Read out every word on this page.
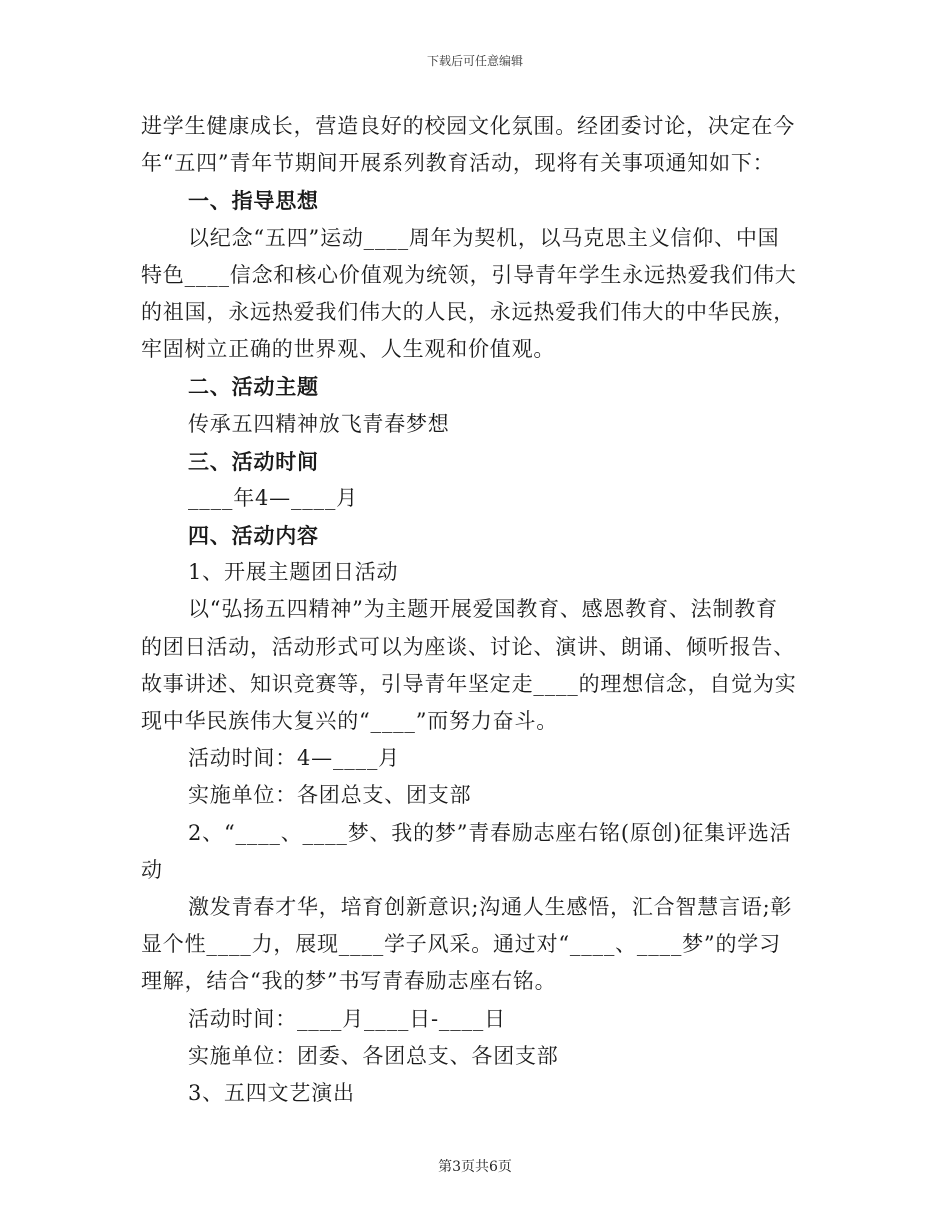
下载后可任意编辑
进学生健康成长，营造良好的校园文化氛围。经团委讨论，决定在今
年“五四”青年节期间开展系列教育活动，现将有关事项通知如下：
一、指导思想
以纪念“五四”运动____周年为契机，以马克思主义信仰、中国
特色____信念和核心价值观为统领，引导青年学生永远热爱我们伟大
的祖国，永远热爱我们伟大的人民，永远热爱我们伟大的中华民族，
牢固树立正确的世界观、人生观和价值观。
二、活动主题
传承五四精神放飞青春梦想
三、活动时间
____年4—____月
四、活动内容
1、开展主题团日活动
以“弘扬五四精神”为主题开展爱国教育、感恩教育、法制教育
的团日活动，活动形式可以为座谈、讨论、演讲、朗诵、倾听报告、
故事讲述、知识竞赛等，引导青年坚定走____的理想信念，自觉为实
现中华民族伟大复兴的“____”而努力奋斗。
活动时间：4—____月
实施单位：各团总支、团支部
2、“____、____梦、我的梦”青春励志座右铭(原创)征集评选活
动
激发青春才华，培育创新意识;沟通人生感悟，汇合智慧言语;彰
显个性____力，展现____学子风采。通过对“____、____梦”的学习
理解，结合“我的梦”书写青春励志座右铭。
活动时间：____月____日-____日
实施单位：团委、各团总支、各团支部
3、五四文艺演出
第3页共6页
